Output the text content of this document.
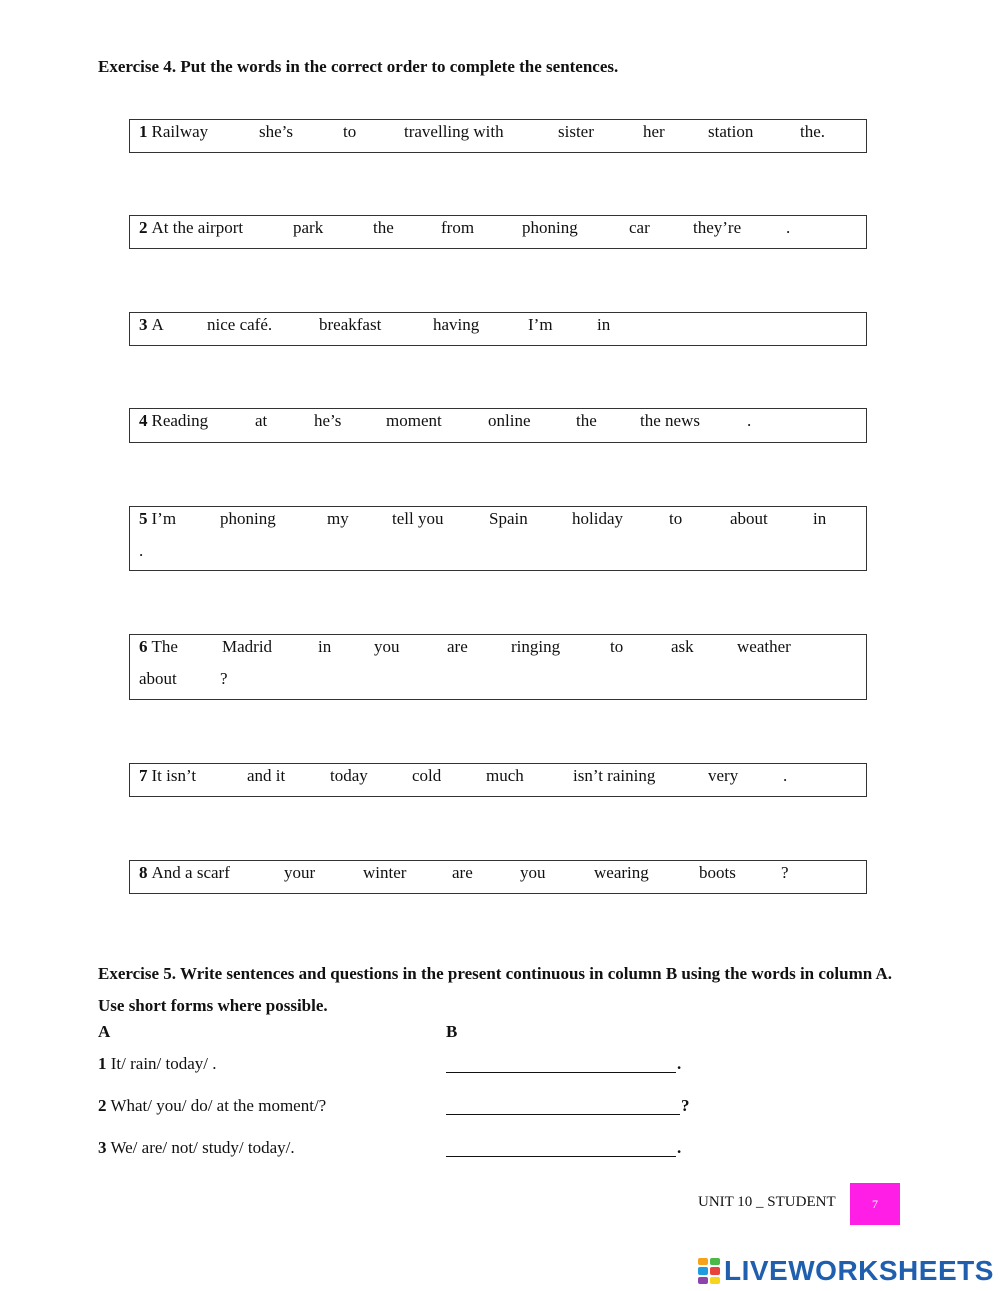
Exercise 4. Put the words in the correct order to complete the sentences.
1 Railway	she’s	to	travelling with	sister	her	station	the.
2 At the airport	park	the	from	phoning	car	they’re	.
3 A	nice café.	breakfast	having	I’m	in
4 Reading	at	he’s	moment	online	the	the news	.
5 I’m	phoning	my	tell you	Spain	holiday	to	about	in
.
6 The	Madrid	in	you	are	ringing	to	ask	weather
about	?
7 It isn’t	and it	today	cold	much	isn’t raining	very	.
8 And a scarf	your	winter	are	you	wearing	boots	?
Exercise 5. Write sentences and questions in the present continuous in column B using the words in column A. Use short forms where possible.
A	B
1 It/ rain/ today/ .	.
2 What/ you/ do/ at the moment/?	?
3 We/ are/ not/ study/ today/.	.
UNIT 10 _ STUDENT	7
LIVEWORKSHEETS
